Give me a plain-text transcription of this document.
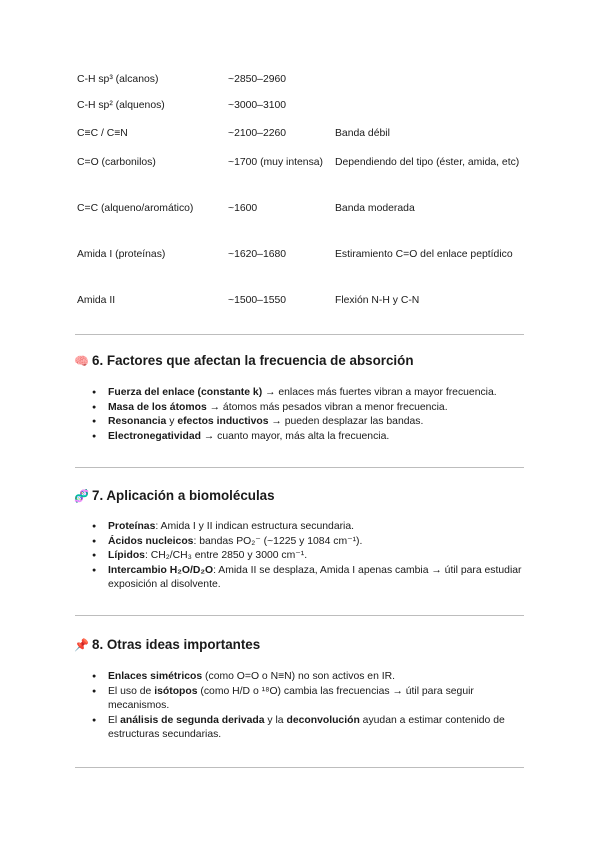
C-H sp³ (alcanos)	~2850–2960	
C-H sp² (alquenos)	~3000–3100	
C≡C / C≡N	~2100–2260	Banda débil
C=O (carbonilos)	~1700 (muy intensa)	Dependiendo del tipo (éster, amida, etc)
C=C (alqueno/aromático)	~1600	Banda moderada
Amida I (proteínas)	~1620–1680	Estiramiento C=O del enlace peptídico
Amida II	~1500–1550	Flexión N-H y C-N
🧠 6. Factores que afectan la frecuencia de absorción
● Fuerza del enlace (constante k) → enlaces más fuertes vibran a mayor frecuencia.
● Masa de los átomos → átomos más pesados vibran a menor frecuencia.
● Resonancia y efectos inductivos → pueden desplazar las bandas.
● Electronegatividad → cuanto mayor, más alta la frecuencia.
🧬 7. Aplicación a biomoléculas
● Proteínas: Amida I y II indican estructura secundaria.
● Ácidos nucleicos: bandas PO₂⁻ (~1225 y 1084 cm⁻¹).
● Lípidos: CH₂/CH₃ entre 2850 y 3000 cm⁻¹.
● Intercambio H₂O/D₂O: Amida II se desplaza, Amida I apenas cambia → útil para estudiar exposición al disolvente.
📌 8. Otras ideas importantes
● Enlaces simétricos (como O=O o N≡N) no son activos en IR.
● El uso de isótopos (como H/D o ¹⁸O) cambia las frecuencias → útil para seguir mecanismos.
● El análisis de segunda derivada y la deconvolución ayudan a estimar contenido de estructuras secundarias.
